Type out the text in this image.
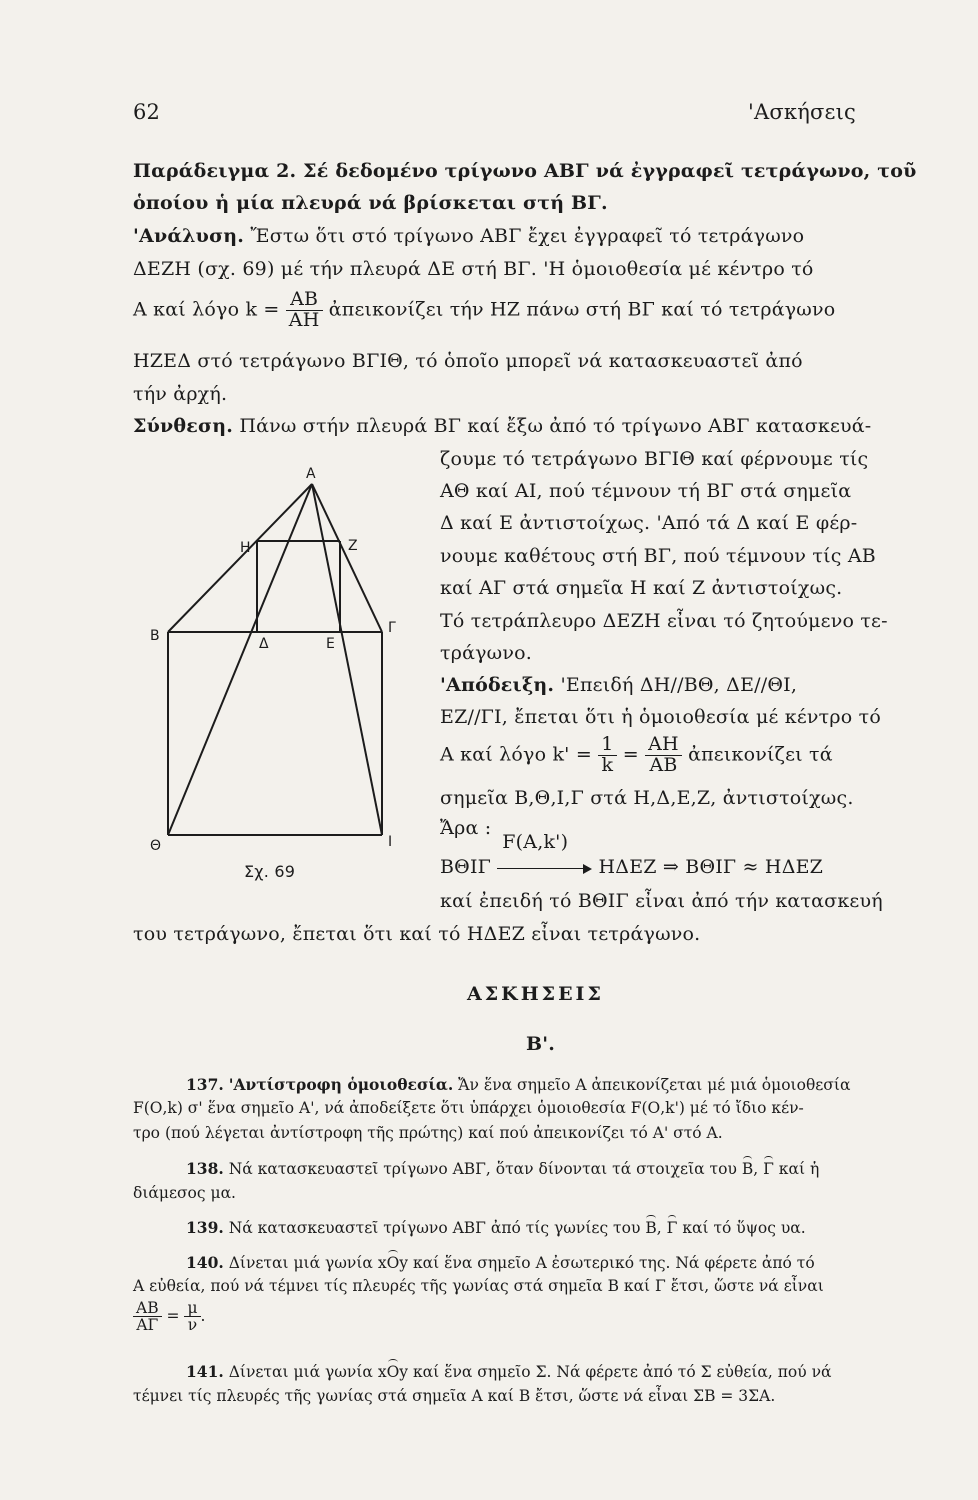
62	'Ασκήσεις
Παράδειγμα 2. Σέ δεδομένο τρίγωνο ΑΒΓ νά ἐγγραφεῖ τετράγωνο, τοῦ
ὁποίου ἡ μία πλευρά νά βρίσκεται στή ΒΓ.
'Ανάλυση. Ἔστω ὅτι στό τρίγωνο ΑΒΓ ἔχει ἐγγραφεῖ τό τετράγωνο
ΔΕΖΗ (σχ. 69) μέ τήν πλευρά ΔΕ στή ΒΓ. 'Η ὁμοιοθεσία μέ κέντρο τό
Α καί λόγο $k = \frac{AB}{AH}$ ἀπεικονίζει τήν ΗΖ πάνω στή ΒΓ καί τό τετράγωνο
ΗΖΕΔ στό τετράγωνο ΒΓΙΘ, τό ὁποῖο μπορεῖ νά κατασκευαστεῖ ἀπό
τήν ἀρχή.
Σύνθεση. Πάνω στήν πλευρά ΒΓ καί ἔξω ἀπό τό τρίγωνο ΑΒΓ κατασκευά-
ζουμε τό τετράγωνο ΒΓΙΘ καί φέρνουμε τίς
ΑΘ καί ΑΙ, πού τέμνουν τή ΒΓ στά σημεῖα
Δ καί Ε ἀντιστοίχως. 'Από τά Δ καί Ε φέρ-
νουμε καθέτους στή ΒΓ, πού τέμνουν τίς ΑΒ
καί ΑΓ στά σημεῖα Η καί Ζ ἀντιστοίχως.
Τό τετράπλευρο ΔΕΖΗ εἶναι τό ζητούμενο τε-
τράγωνο.
'Απόδειξη. 'Επειδή ΔΗ//ΒΘ, ΔΕ//ΘΙ,
ΕΖ//ΓΙ, ἔπεται ὅτι ἡ ὁμοιοθεσία μέ κέντρο τό
Α καί λόγο $k' = \frac{1}{k} = \frac{AH}{AB}$ ἀπεικονίζει τά
σημεῖα Β,Θ,Ι,Γ στά Η,Δ,Ε,Ζ, ἀντιστοίχως.
Ἄρα :
ΒΘΙΓ
F(Α,k')
ΗΔΕΖ ⇒ ΒΘΙΓ ≈ ΗΔΕΖ
καί ἐπειδή τό ΒΘΙΓ εἶναι ἀπό τήν κατασκευή
του τετράγωνο, ἔπεται ὅτι καί τό ΗΔΕΖ εἶναι τετράγωνο.
Α
Β	Γ
Η	Ζ
Δ	Ε
Θ	Ι
Σχ. 69
ΑΣΚΗΣΕΙΣ
Β'.
137. 'Αντίστροφη ὁμοιοθεσία. Ἄν ἕνα σημεῖο Α ἀπεικονίζεται μέ μιά ὁμοιοθεσία
F(Ο,k) σ' ἕνα σημεῖο Α', νά ἀποδείξετε ὅτι ὑπάρχει ὁμοιοθεσία F(Ο,k') μέ τό ἴδιο κέν-
τρο (πού λέγεται ἀντίστροφη τῆς πρώτης) καί πού ἀπεικονίζει τό Α' στό Α.
138. Νά κατασκευαστεῖ τρίγωνο ΑΒΓ, ὅταν δίνονται τά στοιχεῖα του Β, Γ καί ἡ
διάμεσος μα.
139. Νά κατασκευαστεῖ τρίγωνο ΑΒΓ ἀπό τίς γωνίες του Β, Γ καί τό ὕψος υα.
140. Δίνεται μιά γωνία xΟy καί ἕνα σημεῖο Α ἐσωτερικό της. Νά φέρετε ἀπό τό
Α εὐθεία, πού νά τέμνει τίς πλευρές τῆς γωνίας στά σημεῖα Β καί Γ ἔτσι, ὥστε νά εἶναι
$\frac{AB}{A\Gamma} = \frac{\mu}{\nu}$ .
141. Δίνεται μιά γωνία xΟy καί ἕνα σημεῖο Σ. Νά φέρετε ἀπό τό Σ εὐθεία, πού νά
τέμνει τίς πλευρές τῆς γωνίας στά σημεῖα Α καί Β ἔτσι, ὥστε νά εἶναι ΣΒ = 3ΣΑ.
